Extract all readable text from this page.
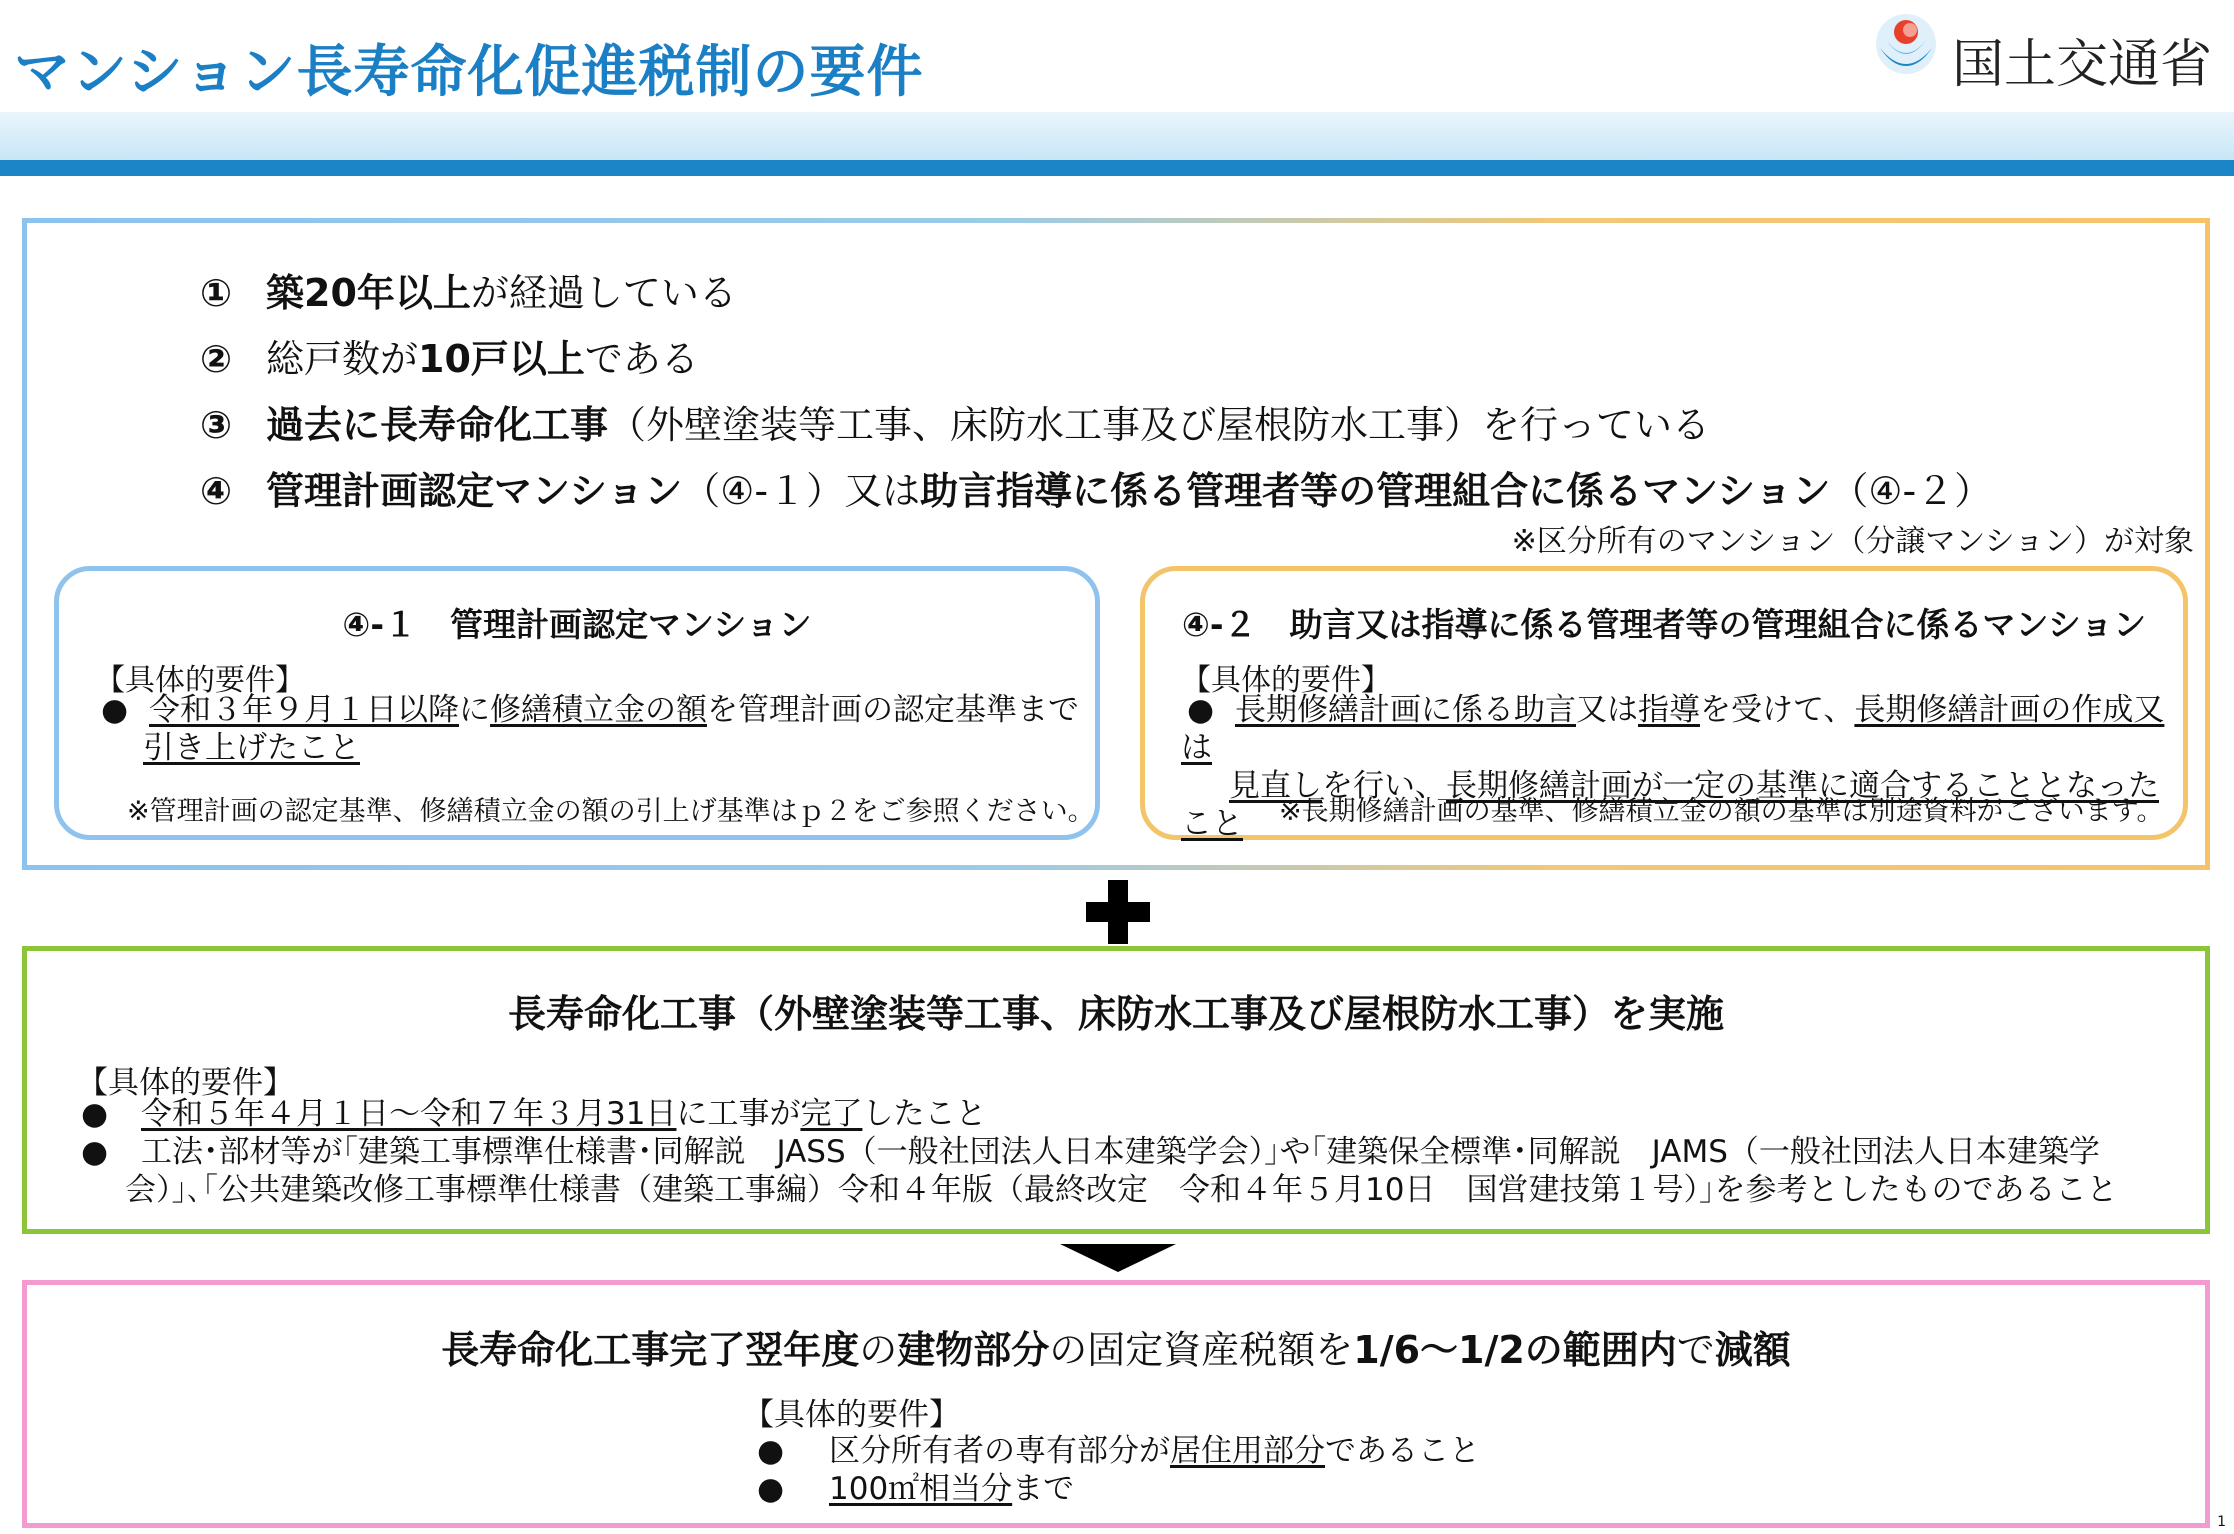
マンション長寿命化促進税制の要件	国土交通省
① 築20年以上が経過している
② 総戸数が10戸以上である
③ 過去に長寿命化工事（外壁塗装等工事、床防水工事及び屋根防水工事）を行っている
④ 管理計画認定マンション（④-１）又は助言指導に係る管理者等の管理組合に係るマンション（④-２）
※区分所有のマンション（分譲マンション）が対象
④-１　管理計画認定マンション
【具体的要件】
● 令和３年９月１日以降に修繕積立金の額を管理計画の認定基準まで
引き上げたこと
※管理計画の認定基準、修繕積立金の額の引上げ基準はｐ２をご参照ください。
④-２　助言又は指導に係る管理者等の管理組合に係るマンション
【具体的要件】
● 長期修繕計画に係る助言又は指導を受けて、長期修繕計画の作成又は
見直しを行い、長期修繕計画が一定の基準に適合することとなったこと	※長期修繕計画の基準、修繕積立金の額の基準は別途資料がございます。
長寿命化工事（外壁塗装等工事、床防水工事及び屋根防水工事）を実施
【具体的要件】
● 令和５年４月１日～令和７年３月31日に工事が完了したこと
● 工法･部材等が｢建築工事標準仕様書･同解説　JASS（一般社団法人日本建築学会）｣や｢建築保全標準･同解説　JAMS（一般社団法人日本建築学
会）｣､｢公共建築改修工事標準仕様書（建築工事編）令和４年版（最終改定　令和４年５月10日　国営建技第１号）｣を参考としたものであること
長寿命化工事完了翌年度の建物部分の固定資産税額を1/6～1/2の範囲内で減額
【具体的要件】
● 区分所有者の専有部分が居住用部分であること
● 100㎡相当分まで
1
